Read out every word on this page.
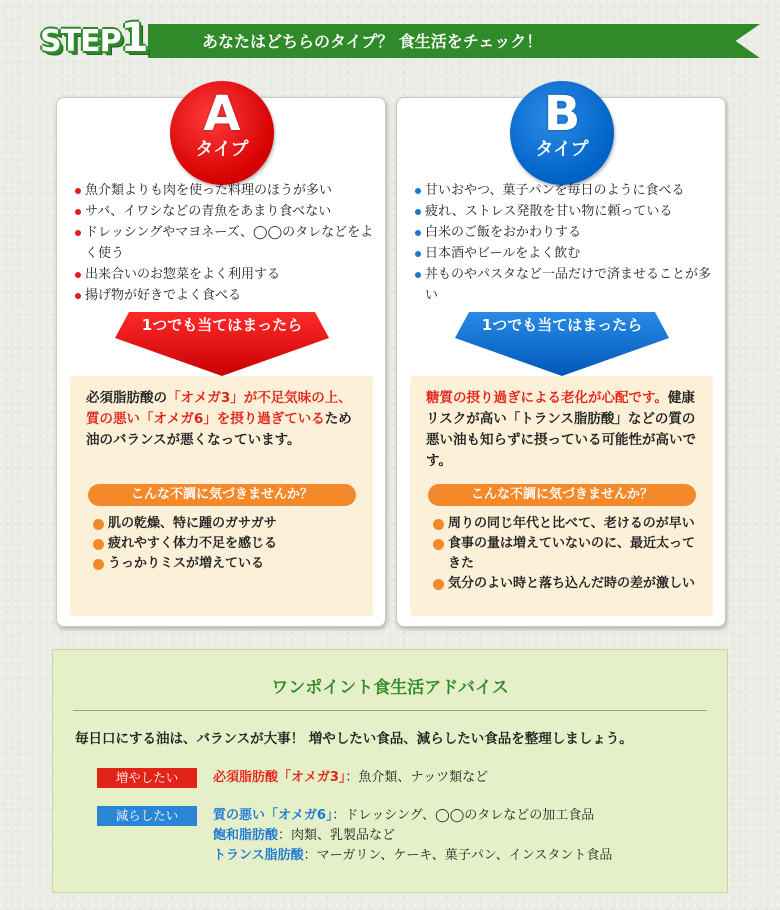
STEP1	あなたはどちらのタイプ？ 食生活をチェック！
A
タイプ
魚介類よりも肉を使った料理のほうが多い
サバ、イワシなどの青魚をあまり食べない
ドレッシングやマヨネーズ、◯◯のタレなどをよく使う
出来合いのお惣菜をよく利用する
揚げ物が好きでよく食べる
1つでも当てはまったら
必須脂肪酸の「オメガ3」が不足気味の上、質の悪い「オメガ6」を摂り過ぎているため油のバランスが悪くなっています。
こんな不調に気づきませんか？
肌の乾燥、特に踵のガサガサ
疲れやすく体力不足を感じる
うっかりミスが増えている
B
タイプ
甘いおやつ、菓子パンを毎日のように食べる
疲れ、ストレス発散を甘い物に頼っている
白米のご飯をおかわりする
日本酒やビールをよく飲む
丼ものやパスタなど一品だけで済ませることが多い
1つでも当てはまったら
糖質の摂り過ぎによる老化が心配です。健康リスクが高い「トランス脂肪酸」などの質の悪い油も知らずに摂っている可能性が高いです。
こんな不調に気づきませんか？
周りの同じ年代と比べて、老けるのが早い
食事の量は増えていないのに、最近太ってきた
気分のよい時と落ち込んだ時の差が激しい
ワンポイント食生活アドバイス
毎日口にする油は、バランスが大事！ 増やしたい食品、減らしたい食品を整理しましょう。
増やしたい	必須脂肪酸「オメガ3」：魚介類、ナッツ類など
減らしたい	質の悪い「オメガ6」：ドレッシング、◯◯のタレなどの加工食品
飽和脂肪酸：肉類、乳製品など
トランス脂肪酸：マーガリン、ケーキ、菓子パン、インスタント食品
